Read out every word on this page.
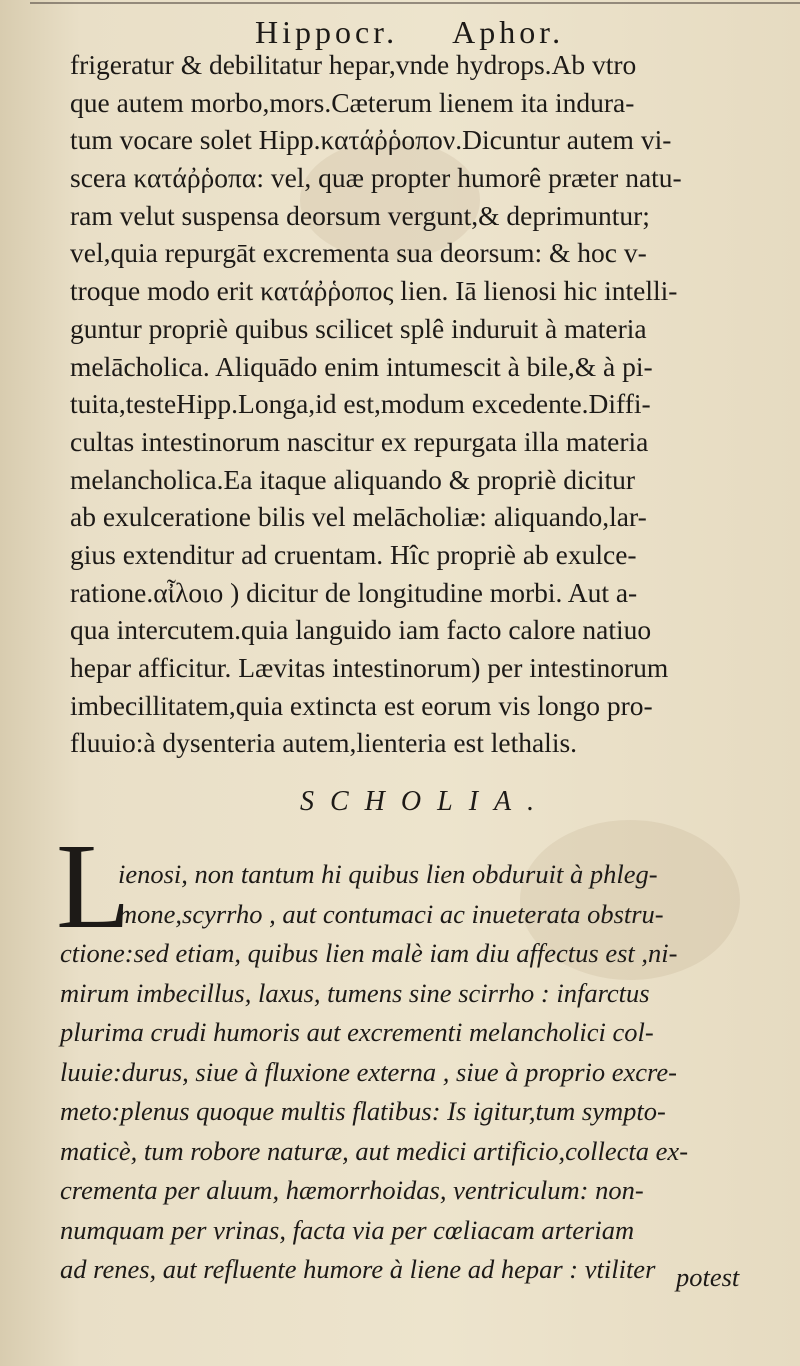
Hippocr. Aphor.
frigeratur & debilitatur hepar,vnde hydrops.Ab vtro
que autem morbo,mors.Cæterum lienem ita indura-
tum vocare solet Hipp.κατάῤῥοπον.Dicuntur autem vi-
scera κατάῤῥοπα: vel, quæ propter humorê præter natu-
ram velut suspensa deorsum vergunt,& deprimuntur;
vel,quia repurgāt excrementa sua deorsum: & hoc v-
troque modo erit κατάῤῥοπος lien. Iā lienosi hic intelli-
guntur propriè quibus scilicet splê induruit à materia
melācholica. Aliquādo enim intumescit à bile,& à pi-
tuita,testeHipp.Longa,id est,modum excedente.Diffi-
cultas intestinorum nascitur ex repurgata illa materia
melancholica.Ea itaque aliquando & propriè dicitur
ab exulceratione bilis vel melācholiæ: aliquando,lar-
gius extenditur ad cruentam. Hîc propriè ab exulce-
ratione.αἶλοιο ) dicitur de longitudine morbi. Aut a-
qua intercutem.quia languido iam facto calore natiuo
hepar afficitur. Lævitas intestinorum) per intestinorum
imbecillitatem,quia extincta est eorum vis longo pro-
fluuio:à dysenteria autem,lienteria est lethalis.
SCHOLIA.
L
ienosi, non tantum hi quibus lien obduruit à phleg-
mone,scyrrho , aut contumaci ac inueterata obstru-
ctione:sed etiam, quibus lien malè iam diu affectus est ,ni-
mirum imbecillus, laxus, tumens sine scirrho : infarctus
plurima crudi humoris aut excrementi melancholici col-
luuie:durus, siue à fluxione externa , siue à proprio excre-
meto:plenus quoque multis flatibus: Is igitur,tum sympto-
maticè, tum robore naturæ, aut medici artificio,collecta ex-
crementa per aluum, hæmorrhoidas, ventriculum: non-
numquam per vrinas, facta via per cœliacam arteriam
ad renes, aut refluente humore à liene ad hepar : vtiliter potest
